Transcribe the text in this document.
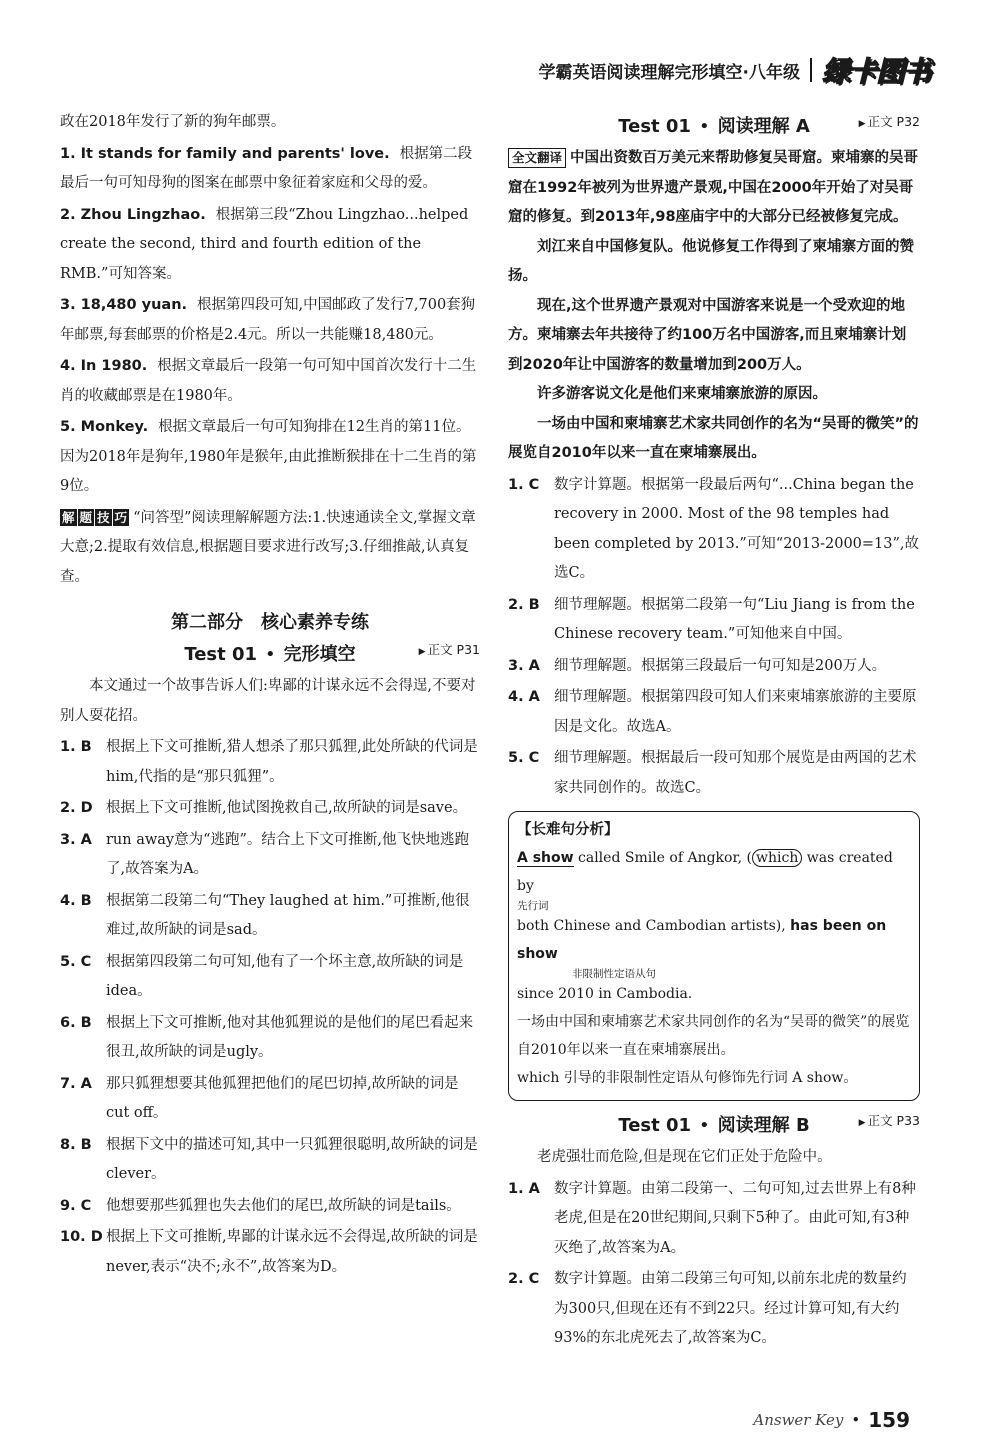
学霸英语阅读理解完形填空·八年级 绿卡图书

政在2018年发行了新的狗年邮票。

1. It stands for family and parents' love. 根据第二段最后一句可知母狗的图案在邮票中象征着家庭和父母的爱。
2. Zhou Lingzhao. 根据第三段“Zhou Lingzhao...helped create the second, third and fourth edition of the RMB.”可知答案。
3. 18,480 yuan. 根据第四段可知,中国邮政了发行7,700套狗年邮票,每套邮票的价格是2.4元。所以一共能赚18,480元。
4. In 1980. 根据文章最后一段第一句可知中国首次发行十二生肖的收藏邮票是在1980年。
5. Monkey. 根据文章最后一句可知狗排在12生肖的第11位。因为2018年是狗年,1980年是猴年,由此推断猴排在十二生肖的第9位。

解 题 技 巧 “问答型”阅读理解解题方法:1.快速通读全文,掌握文章大意;2.提取有效信息,根据题目要求进行改写;3.仔细推敲,认真复查。

第二部分　核心素养专练
Test 01 • 完形填空	▶ 正文 P31

本文通过一个故事告诉人们:卑鄙的计谋永远不会得逞,不要对别人耍花招。

1. B 根据上下文可推断,猎人想杀了那只狐狸,此处所缺的代词是him,代指的是“那只狐狸”。
2. D 根据上下文可推断,他试图挽救自己,故所缺的词是save。
3. A run away意为“逃跑”。结合上下文可推断,他飞快地逃跑了,故答案为A。
4. B 根据第二段第二句“They laughed at him.”可推断,他很难过,故所缺的词是sad。
5. C	根据第四段第二句可知,他有了一个坏主意,故所缺的词是idea。
6. B 根据上下文可推断,他对其他狐狸说的是他们的尾巴看起来很丑,故所缺的词是ugly。
7. A 那只狐狸想要其他狐狸把他们的尾巴切掉,故所缺的词是cut off。
8. B 根据下文中的描述可知,其中一只狐狸很聪明,故所缺的词是clever。
9. C	他想要那些狐狸也失去他们的尾巴,故所缺的词是tails。
10. D 根据上下文可推断,卑鄙的计谋永远不会得逞,故所缺的词是never,表示“决不;永不”,故答案为D。
Test 01 • 阅读理解 A	▶ 正文 P32

全文翻译 中国出资数百万美元来帮助修复吴哥窟。柬埔寨的吴哥窟在1992年被列为世界遗产景观,中国在2000年开始了对吴哥窟的修复。到2013年,98座庙宇中的大部分已经被修复完成。

刘江来自中国修复队。他说修复工作得到了柬埔寨方面的赞扬。

现在,这个世界遗产景观对中国游客来说是一个受欢迎的地方。柬埔寨去年共接待了约100万名中国游客,而且柬埔寨计划到2020年让中国游客的数量增加到200万人。

许多游客说文化是他们来柬埔寨旅游的原因。

一场由中国和柬埔寨艺术家共同创作的名为“吴哥的微笑”的展览自2010年以来一直在柬埔寨展出。

1. C	数字计算题。根据第一段最后两句“...China began the recovery in 2000. Most of the 98 temples had been completed by 2013.”可知“2013-2000=13”,故选C。
2. B 细节理解题。根据第二段第一句“Liu Jiang is from the Chinese recovery team.”可知他来自中国。
3. A 细节理解题。根据第三段最后一句可知是200万人。
4. A 细节理解题。根据第四段可知人们来柬埔寨旅游的主要原因是文化。故选A。
5. C	细节理解题。根据最后一段可知那个展览是由两国的艺术家共同创作的。故选C。
【长难句分析】
A show called Smile of Angkor, ( which was created by
先行词
both Chinese and Cambodian artists), has been on show
非限制性定语从句
since 2010 in Cambodia.
一场由中国和柬埔寨艺术家共同创作的名为“吴哥的微笑”的展览自2010年以来一直在柬埔寨展出。
which 引导的非限制性定语从句修饰先行词 A show。
Test 01 • 阅读理解 B	▶ 正文 P33

老虎强壮而危险,但是现在它们正处于危险中。

1. A 数字计算题。由第二段第一、二句可知,过去世界上有8种老虎,但是在20世纪期间,只剩下5种了。由此可知,有3种灭绝了,故答案为A。
2. C	数字计算题。由第二段第三句可知,以前东北虎的数量约为300只,但现在还有不到22只。经过计算可知,有大约93%的东北虎死去了,故答案为C。
Answer Key • 159
